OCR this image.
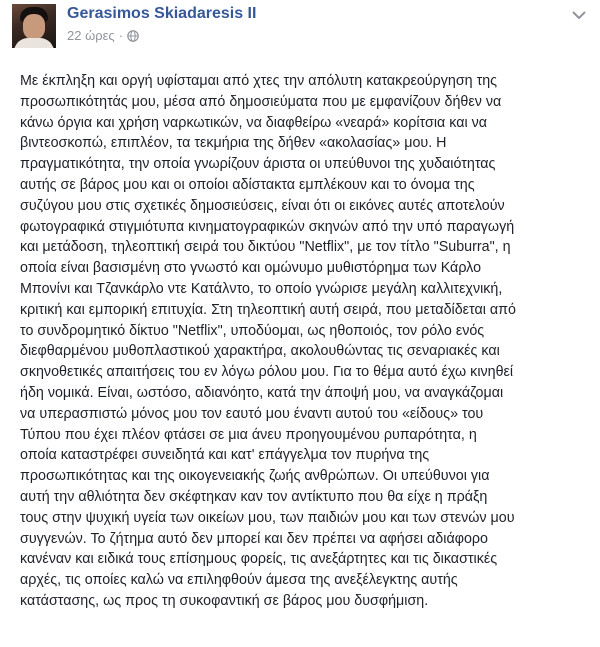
Gerasimos Skiadaresis II
22 ώρες ·

Με έκπληξη και οργή υφίσταμαι από χτες την απόλυτη κατακρεούργηση της
προσωπικότητάς μου, μέσα από δημοσιεύματα που με εμφανίζουν δήθεν να
κάνω όργια και χρήση ναρκωτικών, να διαφθείρω «νεαρά» κορίτσια και να
βιντεοσκοπώ, επιπλέον, τα τεκμήρια της δήθεν «ακολασίας» μου. Η
πραγματικότητα, την οποία γνωρίζουν άριστα οι υπεύθυνοι της χυδαιότητας
αυτής σε βάρος μου και οι οποίοι αδίστακτα εμπλέκουν και το όνομα της
συζύγου μου στις σχετικές δημοσιεύσεις, είναι ότι οι εικόνες αυτές αποτελούν
φωτογραφικά στιγμιότυπα κινηματογραφικών σκηνών από την υπό παραγωγή
και μετάδοση, τηλεοπτική σειρά του δικτύου "Netflix", με τον τίτλο "Suburra", η
οποία είναι βασισμένη στο γνωστό και ομώνυμο μυθιστόρημα των Κάρλο
Μπονίνι και Τζανκάρλο ντε Κατάλντο, το οποίο γνώρισε μεγάλη καλλιτεχνική,
κριτική και εμπορική επιτυχία. Στη τηλεοπτική αυτή σειρά, που μεταδίδεται από
το συνδρομητικό δίκτυο "Netflix", υποδύομαι, ως ηθοποιός, τον ρόλο ενός
διεφθαρμένου μυθοπλαστικού χαρακτήρα, ακολουθώντας τις σεναριακές και
σκηνοθετικές απαιτήσεις του εν λόγω ρόλου μου. Για το θέμα αυτό έχω κινηθεί
ήδη νομικά. Είναι, ωστόσο, αδιανόητο, κατά την άποψή μου, να αναγκάζομαι
να υπερασπιστώ μόνος μου τον εαυτό μου έναντι αυτού του «είδους» του
Τύπου που έχει πλέον φτάσει σε μια άνευ προηγουμένου ρυπαρότητα, η
οποία καταστρέφει συνειδητά και κατ' επάγγελμα τον πυρήνα της
προσωπικότητας και της οικογενειακής ζωής ανθρώπων. Οι υπεύθυνοι για
αυτή την αθλιότητα δεν σκέφτηκαν καν τον αντίκτυπο που θα είχε η πράξη
τους στην ψυχική υγεία των οικείων μου, των παιδιών μου και των στενών μου
συγγενών. Το ζήτημα αυτό δεν μπορεί και δεν πρέπει να αφήσει αδιάφορο
κανέναν και ειδικά τους επίσημους φορείς, τις ανεξάρτητες και τις δικαστικές
αρχές, τις οποίες καλώ να επιληφθούν άμεσα της ανεξέλεγκτης αυτής
κατάστασης, ως προς τη συκοφαντική σε βάρος μου δυσφήμιση.
